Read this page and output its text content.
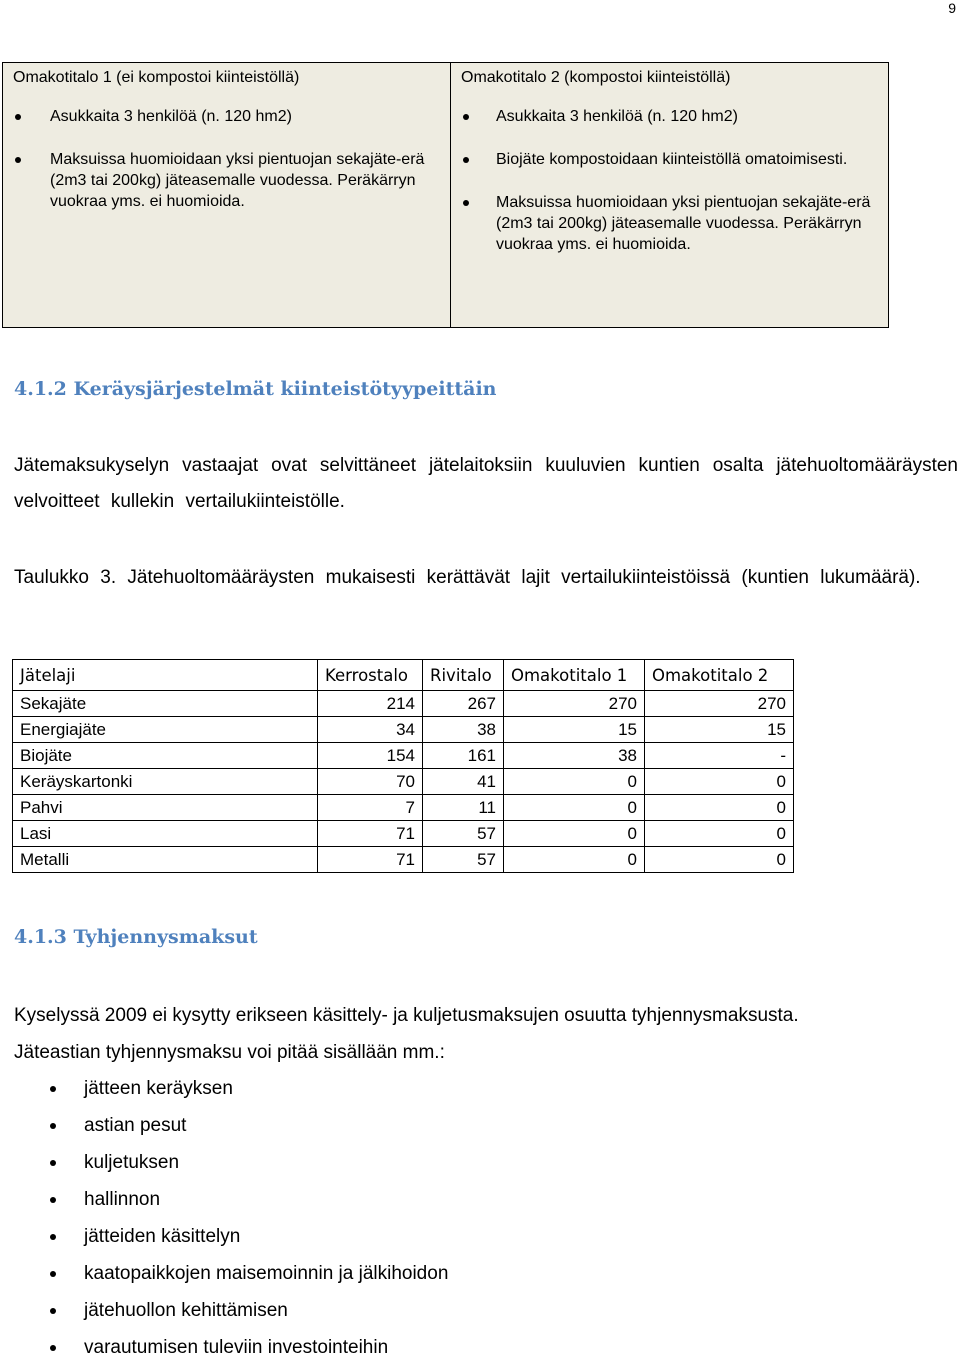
9
Omakotitalo 1 (ei kompostoi kiinteistöllä)
Asukkaita 3 henkilöä (n. 120 hm2)
Maksuissa huomioidaan yksi pientuojan sekajäte-erä (2m3 tai 200kg) jäteasemalle vuodessa. Peräkärryn vuokraa yms. ei huomioida.

Omakotitalo 2 (kompostoi kiinteistöllä)
Asukkaita 3 henkilöä (n. 120 hm2)
Biojäte kompostoidaan kiinteistöllä omatoimisesti.
Maksuissa huomioidaan yksi pientuojan sekajäte-erä (2m3 tai 200kg) jäteasemalle vuodessa. Peräkärryn vuokraa yms. ei huomioida.
4.1.2 Keräysjärjestelmät kiinteistötyypeittäin

Jätemaksukyselyn vastaajat ovat selvittäneet jätelaitoksiin kuuluvien kuntien osalta jätehuoltomääräysten velvoitteet kullekin vertailukiinteistölle.

Taulukko 3. Jätehuoltomääräysten mukaisesti kerättävät lajit vertailukiinteistöissä (kuntien lukumäärä).

Jätelaji	Kerrostalo	Rivitalo	Omakotitalo 1	Omakotitalo 2
Sekajäte	214	267	270	270
Energiajäte	34	38	15	15
Biojäte	154	161	38	-
Keräyskartonki	70	41	0	0
Pahvi	7	11	0	0
Lasi	71	57	0	0
Metalli	71	57	0	0
4.1.3 Tyhjennysmaksut

Kyselyssä 2009 ei kysytty erikseen käsittely- ja kuljetusmaksujen osuutta tyhjennysmaksusta.

Jäteastian tyhjennysmaksu voi pitää sisällään mm.:

jätteen keräyksen
astian pesut
kuljetuksen
hallinnon
jätteiden käsittelyn
kaatopaikkojen maisemoinnin ja jälkihoidon
jätehuollon kehittämisen
varautumisen tuleviin investointeihin
